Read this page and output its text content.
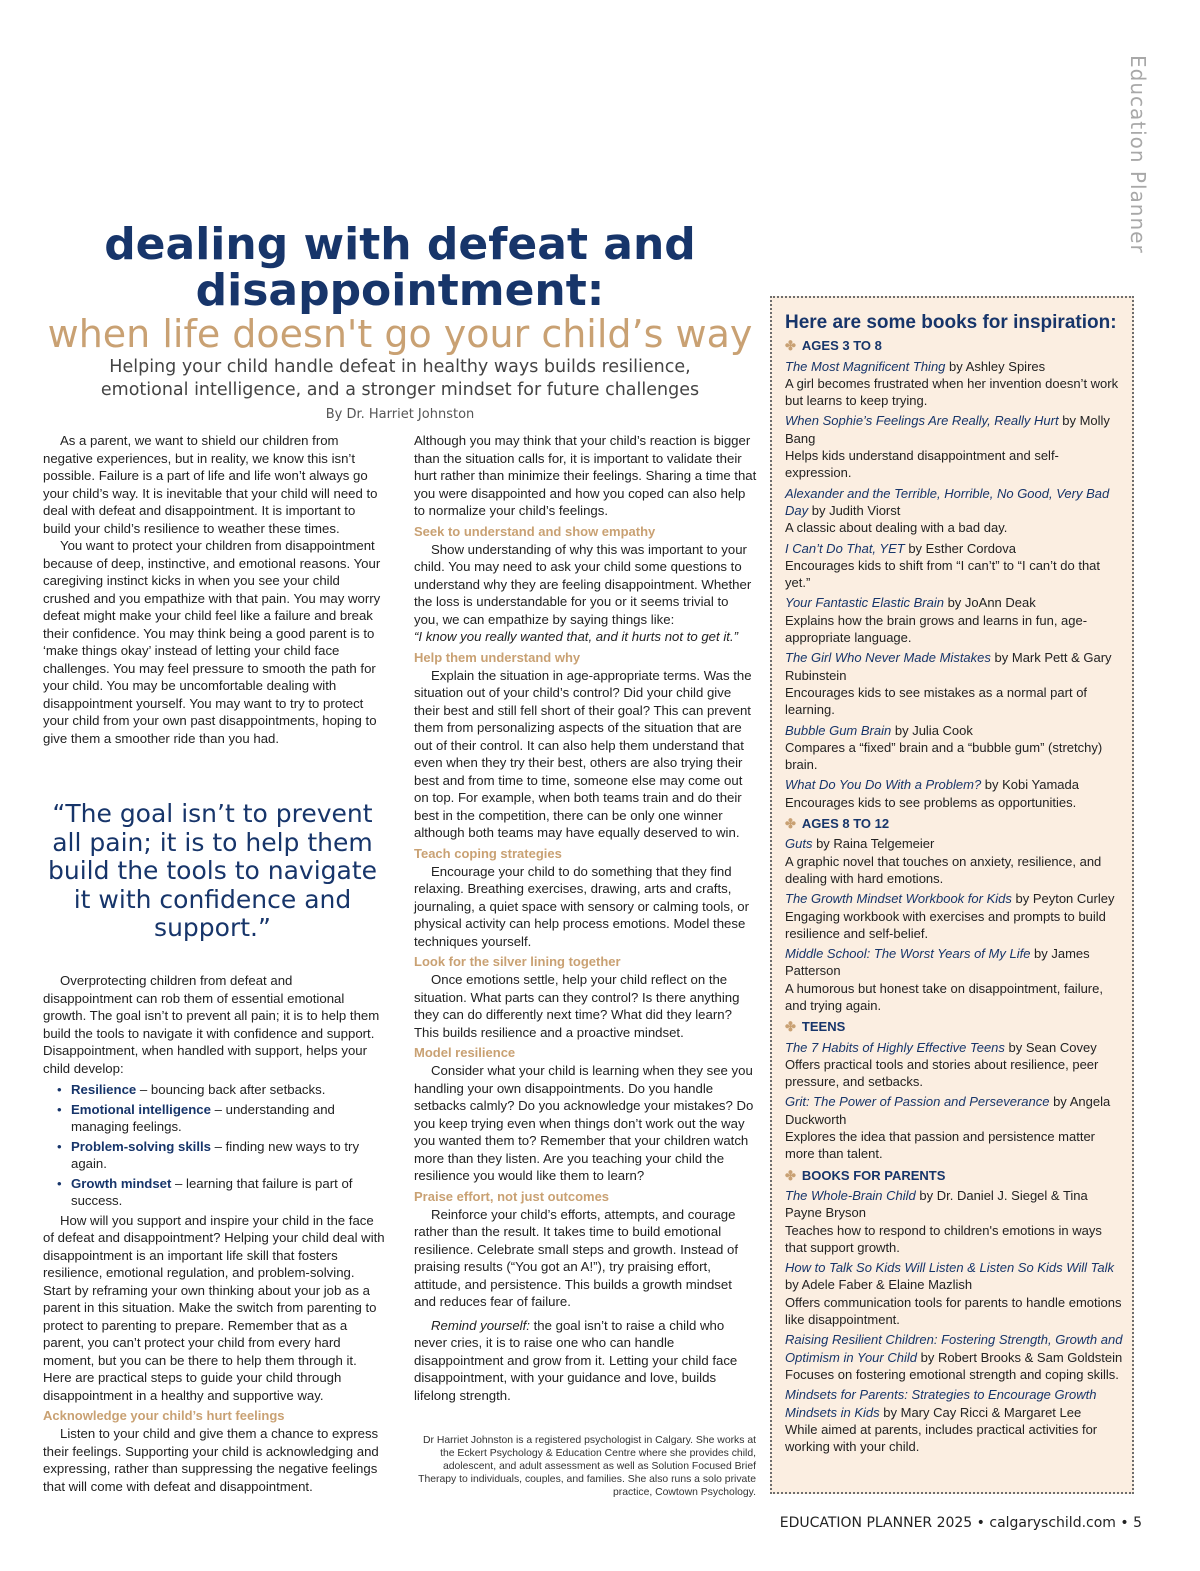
Education Planner
dealing with defeat and
disappointment:
when life doesn't go your child’s way
Helping your child handle defeat in healthy ways builds resilience, emotional intelligence, and a stronger mindset for future challenges
By Dr. Harriet Johnston

As a parent, we want to shield our children from negative experiences, but in reality, we know this isn’t possible. Failure is a part of life and life won’t always go your child’s way. It is inevitable that your child will need to deal with defeat and disappointment. It is important to build your child’s resilience to weather these times.

You want to protect your children from disappointment because of deep, instinctive, and emotional reasons. Your caregiving instinct kicks in when you see your child crushed and you empathize with that pain. You may worry defeat might make your child feel like a failure and break their confidence. You may think being a good parent is to ‘make things okay’ instead of letting your child face challenges. You may feel pressure to smooth the path for your child. You may be uncomfortable dealing with disappointment yourself. You may want to try to protect your child from your own past disappointments, hoping to give them a smoother ride than you had.

“The goal isn’t to prevent all pain; it is to help them build the tools to navigate it with confidence and support.”

Overprotecting children from defeat and disappointment can rob them of essential emotional growth. The goal isn’t to prevent all pain; it is to help them build the tools to navigate it with confidence and support. Disappointment, when handled with support, helps your child develop:

• Resilience – bouncing back after setbacks.
• Emotional intelligence – understanding and managing feelings.
• Problem-solving skills – finding new ways to try again.
• Growth mindset – learning that failure is part of success.

How will you support and inspire your child in the face of defeat and disappointment? Helping your child deal with disappointment is an important life skill that fosters resilience, emotional regulation, and problem-solving. Start by reframing your own thinking about your job as a parent in this situation. Make the switch from parenting to protect to parenting to prepare. Remember that as a parent, you can’t protect your child from every hard moment, but you can be there to help them through it. Here are practical steps to guide your child through disappointment in a healthy and supportive way.

Acknowledge your child’s hurt feelings

Listen to your child and give them a chance to express their feelings. Supporting your child is acknowledging and expressing, rather than suppressing the negative feelings that will come with defeat and disappointment.

Although you may think that your child’s reaction is bigger than the situation calls for, it is important to validate their hurt rather than minimize their feelings. Sharing a time that you were disappointed and how you coped can also help to normalize your child’s feelings.

Seek to understand and show empathy

Show understanding of why this was important to your child. You may need to ask your child some questions to understand why they are feeling disappointment. Whether the loss is understandable for you or it seems trivial to you, we can empathize by saying things like:

“I know you really wanted that, and it hurts not to get it.”

Help them understand why

Explain the situation in age-appropriate terms. Was the situation out of your child’s control? Did your child give their best and still fell short of their goal? This can prevent them from personalizing aspects of the situation that are out of their control. It can also help them understand that even when they try their best, others are also trying their best and from time to time, someone else may come out on top. For example, when both teams train and do their best in the competition, there can be only one winner although both teams may have equally deserved to win.

Teach coping strategies

Encourage your child to do something that they find relaxing. Breathing exercises, drawing, arts and crafts, journaling, a quiet space with sensory or calming tools, or physical activity can help process emotions. Model these techniques yourself.

Look for the silver lining together

Once emotions settle, help your child reflect on the situation. What parts can they control? Is there anything they can do differently next time? What did they learn? This builds resilience and a proactive mindset.

Model resilience

Consider what your child is learning when they see you handling your own disappointments. Do you handle setbacks calmly? Do you acknowledge your mistakes? Do you keep trying even when things don’t work out the way you wanted them to? Remember that your children watch more than they listen. Are you teaching your child the resilience you would like them to learn?

Praise effort, not just outcomes

Reinforce your child’s efforts, attempts, and courage rather than the result. It takes time to build emotional resilience. Celebrate small steps and growth. Instead of praising results (“You got an A!”), try praising effort, attitude, and persistence. This builds a growth mindset and reduces fear of failure.

Remind yourself: the goal isn’t to raise a child who never cries, it is to raise one who can handle disappointment and grow from it. Letting your child face disappointment, with your guidance and love, builds lifelong strength.

Dr Harriet Johnston is a registered psychologist in Calgary. She works at the Eckert Psychology & Education Centre where she provides child, adolescent, and adult assessment as well as Solution Focused Brief Therapy to individuals, couples, and families. She also runs a solo private practice, Cowtown Psychology.
Here are some books for inspiration:
✤ AGES 3 TO 8
The Most Magnificent Thing by Ashley Spires
A girl becomes frustrated when her invention doesn’t work but learns to keep trying.
When Sophie’s Feelings Are Really, Really Hurt by Molly Bang
Helps kids understand disappointment and self-expression.
Alexander and the Terrible, Horrible, No Good, Very Bad Day by Judith Viorst
A classic about dealing with a bad day.
I Can’t Do That, YET by Esther Cordova
Encourages kids to shift from “I can’t” to “I can’t do that yet.”
Your Fantastic Elastic Brain by JoAnn Deak
Explains how the brain grows and learns in fun, age-appropriate language.
The Girl Who Never Made Mistakes by Mark Pett & Gary Rubinstein
Encourages kids to see mistakes as a normal part of learning.
Bubble Gum Brain by Julia Cook
Compares a “fixed” brain and a “bubble gum” (stretchy) brain.
What Do You Do With a Problem? by Kobi Yamada
Encourages kids to see problems as opportunities.
✤ AGES 8 TO 12
Guts by Raina Telgemeier
A graphic novel that touches on anxiety, resilience, and dealing with hard emotions.
The Growth Mindset Workbook for Kids by Peyton Curley
Engaging workbook with exercises and prompts to build resilience and self-belief.
Middle School: The Worst Years of My Life by James Patterson
A humorous but honest take on disappointment, failure, and trying again.
✤ TEENS
The 7 Habits of Highly Effective Teens by Sean Covey
Offers practical tools and stories about resilience, peer pressure, and setbacks.
Grit: The Power of Passion and Perseverance by Angela Duckworth
Explores the idea that passion and persistence matter more than talent.
✤ BOOKS FOR PARENTS
The Whole-Brain Child by Dr. Daniel J. Siegel & Tina Payne Bryson
Teaches how to respond to children's emotions in ways that support growth.
How to Talk So Kids Will Listen & Listen So Kids Will Talk by Adele Faber & Elaine Mazlish
Offers communication tools for parents to handle emotions like disappointment.
Raising Resilient Children: Fostering Strength, Growth and Optimism in Your Child by Robert Brooks & Sam Goldstein
Focuses on fostering emotional strength and coping skills.
Mindsets for Parents: Strategies to Encourage Growth Mindsets in Kids by Mary Cay Ricci & Margaret Lee
While aimed at parents, includes practical activities for working with your child.
EDUCATION PLANNER 2025 • calgaryschild.com • 5
